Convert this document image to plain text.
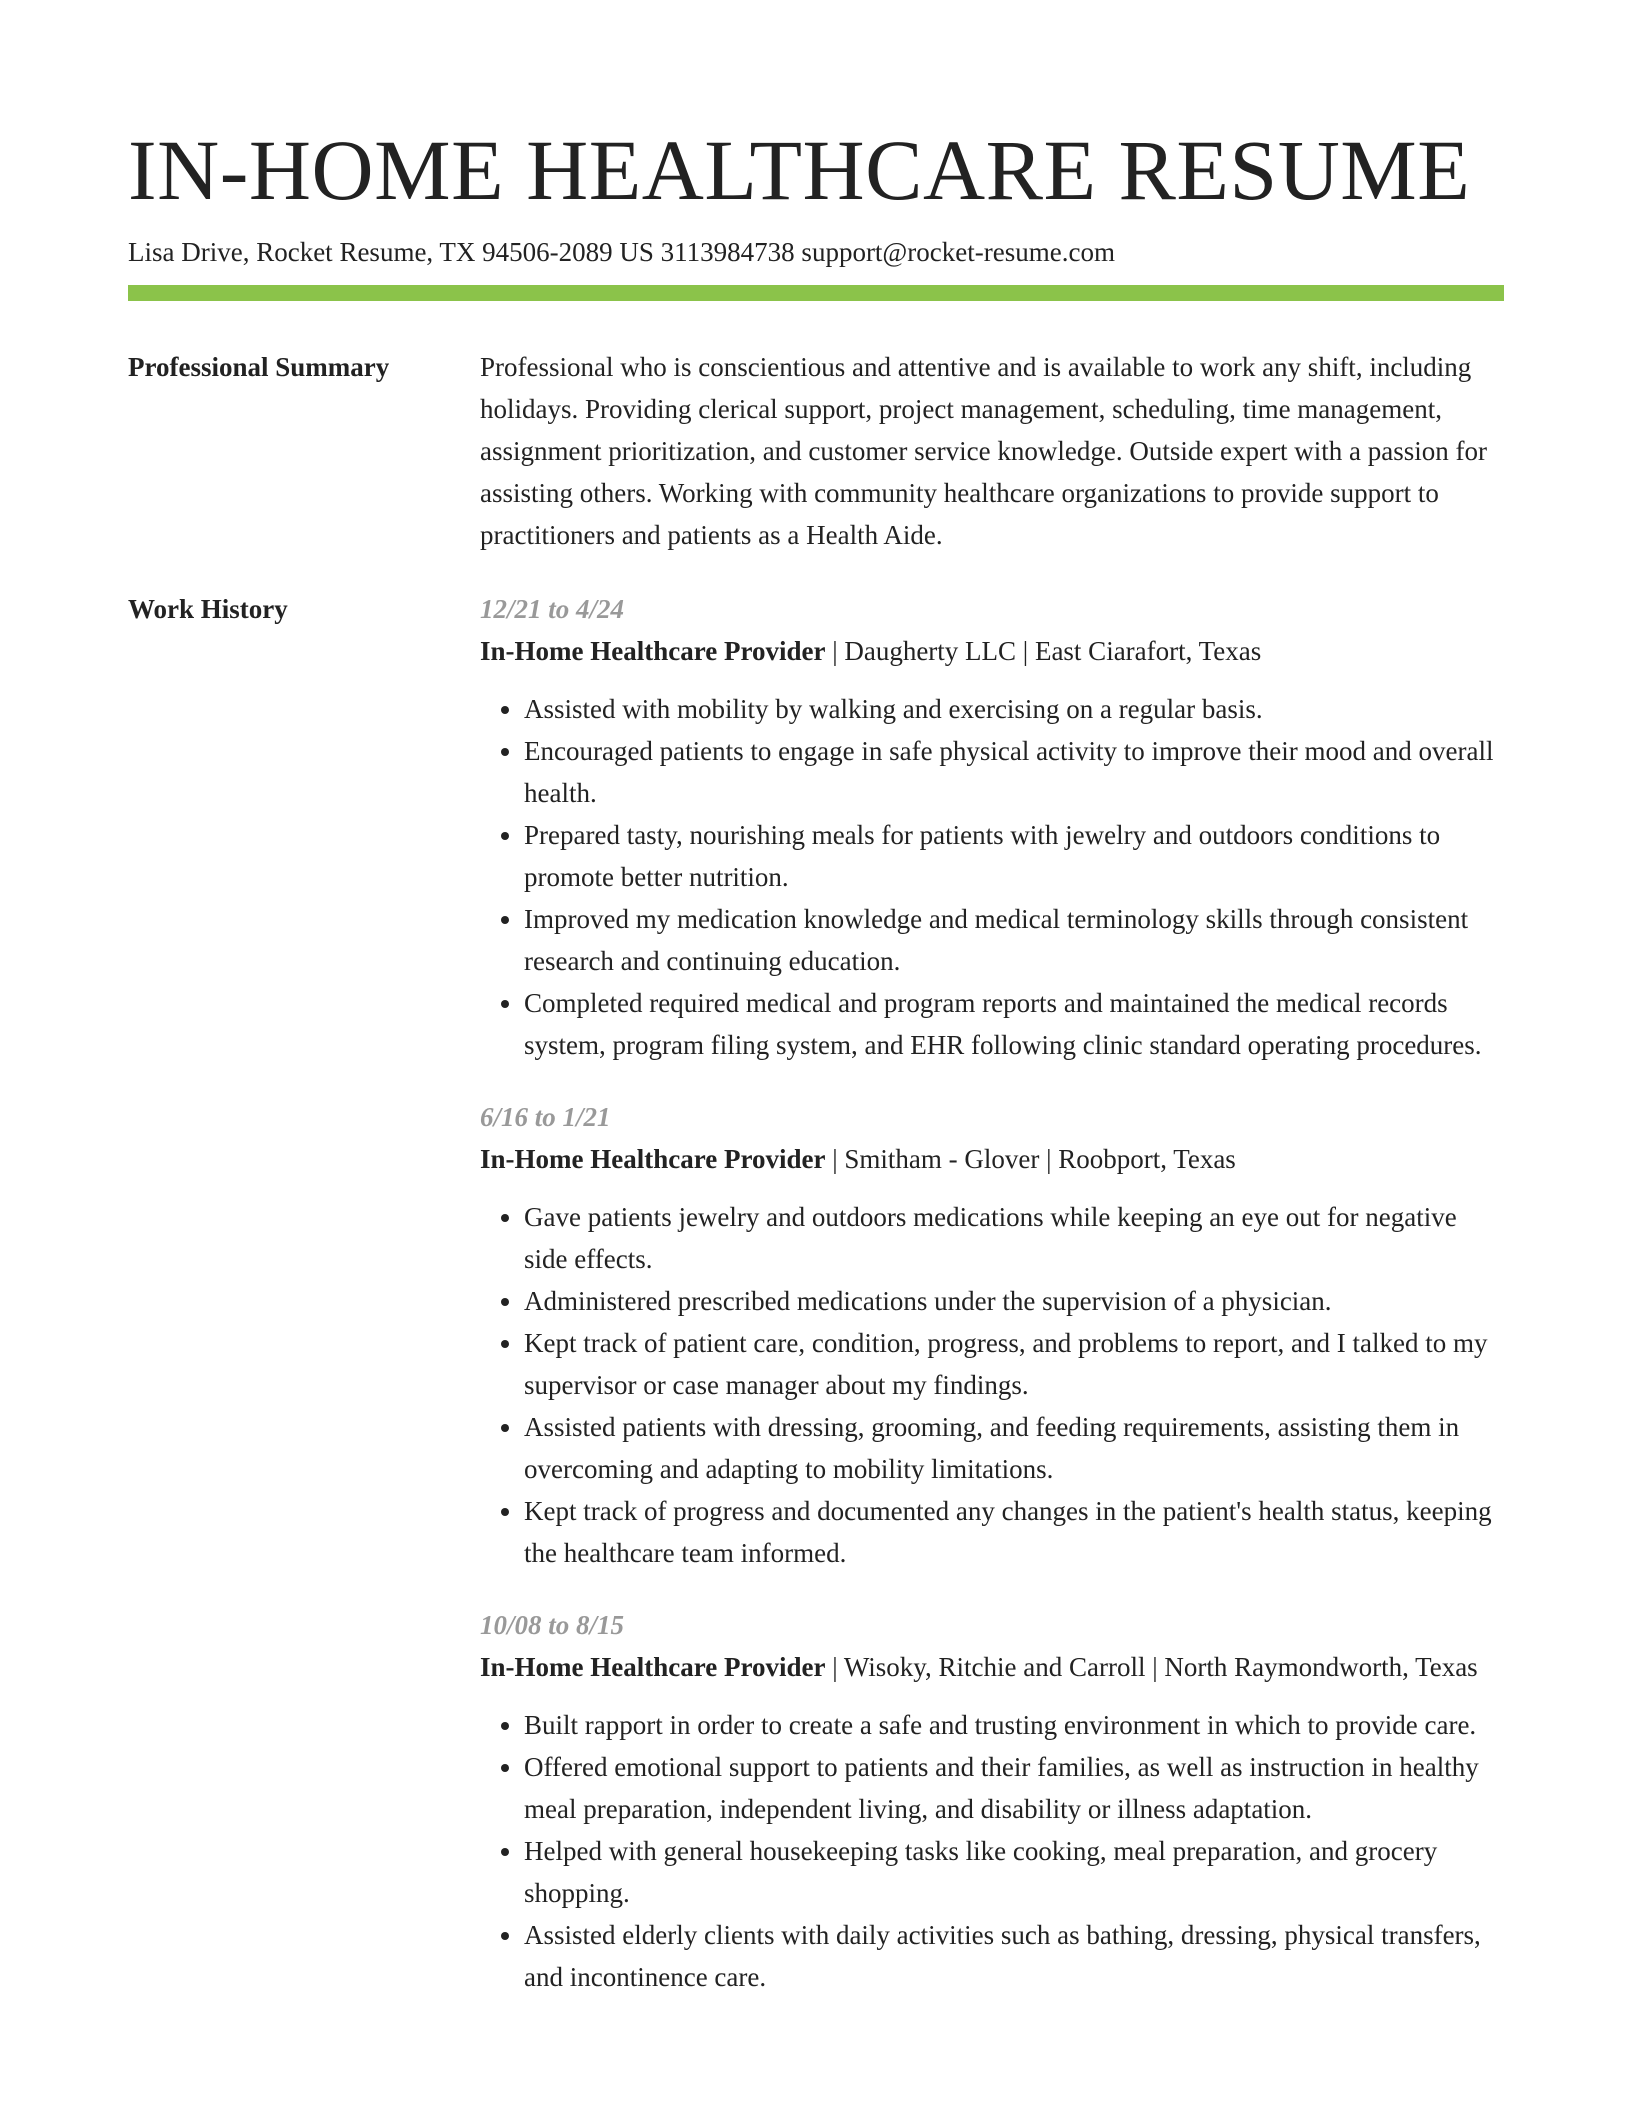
IN-HOME HEALTHCARE RESUME
Lisa Drive, Rocket Resume, TX 94506-2089 US 3113984738 support@rocket-resume.com
Professional Summary	Professional who is conscientious and attentive and is available to work any shift, including holidays. Providing clerical support, project management, scheduling, time management, assignment prioritization, and customer service knowledge. Outside expert with a passion for assisting others. Working with community healthcare organizations to provide support to practitioners and patients as a Health Aide.

Work History	12/21 to 4/24
In-Home Healthcare Provider | Daugherty LLC | East Ciarafort, Texas
• Assisted with mobility by walking and exercising on a regular basis.
• Encouraged patients to engage in safe physical activity to improve their mood and overall health.
• Prepared tasty, nourishing meals for patients with jewelry and outdoors conditions to promote better nutrition.
• Improved my medication knowledge and medical terminology skills through consistent research and continuing education.
• Completed required medical and program reports and maintained the medical records system, program filing system, and EHR following clinic standard operating procedures.
6/16 to 1/21
In-Home Healthcare Provider | Smitham - Glover | Roobport, Texas
• Gave patients jewelry and outdoors medications while keeping an eye out for negative side effects.
• Administered prescribed medications under the supervision of a physician.
• Kept track of patient care, condition, progress, and problems to report, and I talked to my supervisor or case manager about my findings.
• Assisted patients with dressing, grooming, and feeding requirements, assisting them in overcoming and adapting to mobility limitations.
• Kept track of progress and documented any changes in the patient's health status, keeping the healthcare team informed.
10/08 to 8/15
In-Home Healthcare Provider | Wisoky, Ritchie and Carroll | North Raymondworth, Texas
• Built rapport in order to create a safe and trusting environment in which to provide care.
• Offered emotional support to patients and their families, as well as instruction in healthy meal preparation, independent living, and disability or illness adaptation.
• Helped with general housekeeping tasks like cooking, meal preparation, and grocery shopping.
• Assisted elderly clients with daily activities such as bathing, dressing, physical transfers, and incontinence care.
